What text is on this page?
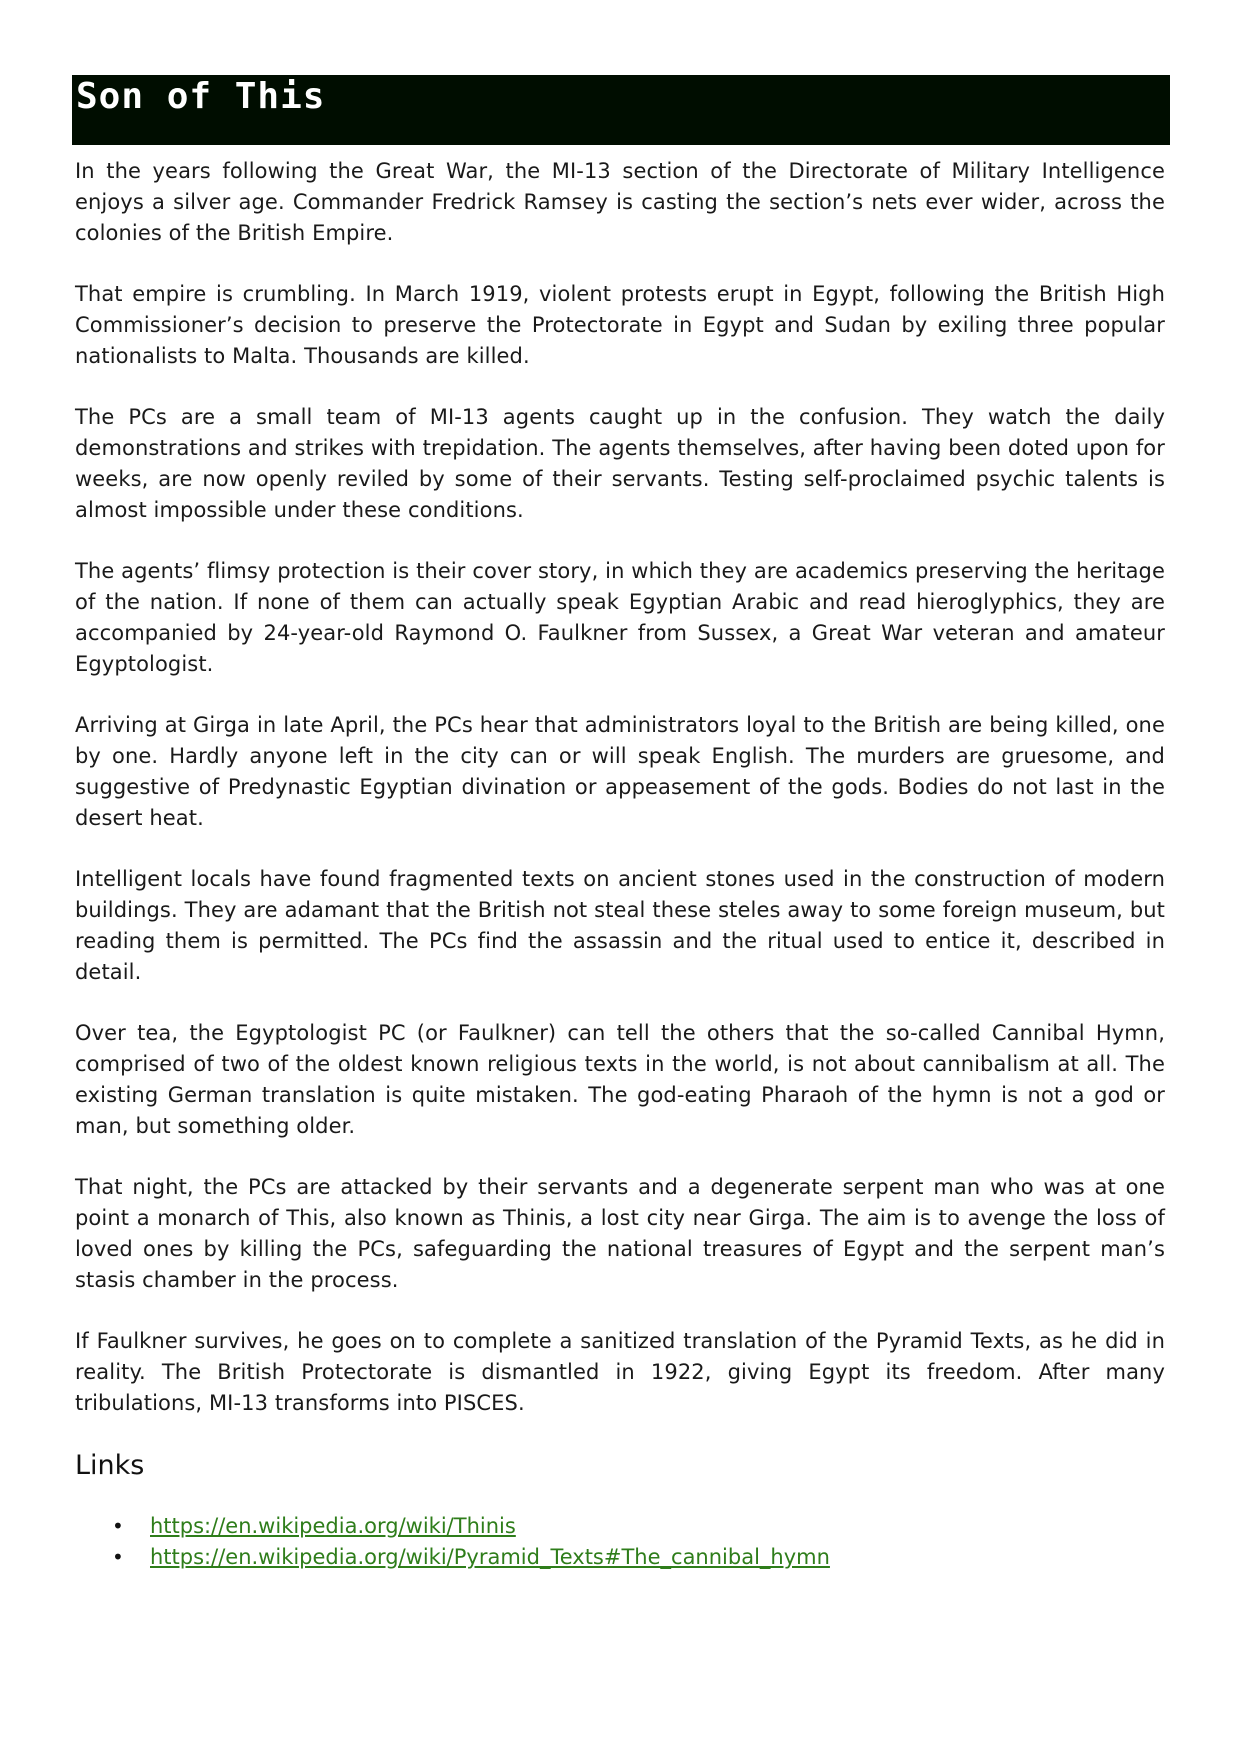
Son of This

In the years following the Great War, the MI-13 section of the Directorate of Military Intelligence enjoys a silver age. Commander Fredrick Ramsey is casting the section’s nets ever wider, across the colonies of the British Empire.

That empire is crumbling. In March 1919, violent protests erupt in Egypt, following the British High Commissioner’s decision to preserve the Protectorate in Egypt and Sudan by exiling three popular nationalists to Malta. Thousands are killed.

The PCs are a small team of MI-13 agents caught up in the confusion. They watch the daily demonstrations and strikes with trepidation. The agents themselves, after having been doted upon for weeks, are now openly reviled by some of their servants. Testing self-proclaimed psychic talents is almost impossible under these conditions.

The agents’ flimsy protection is their cover story, in which they are academics preserving the heritage of the nation. If none of them can actually speak Egyptian Arabic and read hieroglyphics, they are accompanied by 24-year-old Raymond O. Faulkner from Sussex, a Great War veteran and amateur Egyptologist.

Arriving at Girga in late April, the PCs hear that administrators loyal to the British are being killed, one by one. Hardly anyone left in the city can or will speak English. The murders are gruesome, and suggestive of Predynastic Egyptian divination or appeasement of the gods. Bodies do not last in the desert heat.

Intelligent locals have found fragmented texts on ancient stones used in the construction of modern buildings. They are adamant that the British not steal these steles away to some foreign museum, but reading them is permitted. The PCs find the assassin and the ritual used to entice it, described in detail.

Over tea, the Egyptologist PC (or Faulkner) can tell the others that the so-called Cannibal Hymn, comprised of two of the oldest known religious texts in the world, is not about cannibalism at all. The existing German translation is quite mistaken. The god-eating Pharaoh of the hymn is not a god or man, but something older.

That night, the PCs are attacked by their servants and a degenerate serpent man who was at one point a monarch of This, also known as Thinis, a lost city near Girga. The aim is to avenge the loss of loved ones by killing the PCs, safeguarding the national treasures of Egypt and the serpent man’s stasis chamber in the process.

If Faulkner survives, he goes on to complete a sanitized translation of the Pyramid Texts, as he did in reality. The British Protectorate is dismantled in 1922, giving Egypt its freedom. After many tribulations, MI-13 transforms into PISCES.

Links
• https://en.wikipedia.org/wiki/Thinis
• https://en.wikipedia.org/wiki/Pyramid_Texts#The_cannibal_hymn
